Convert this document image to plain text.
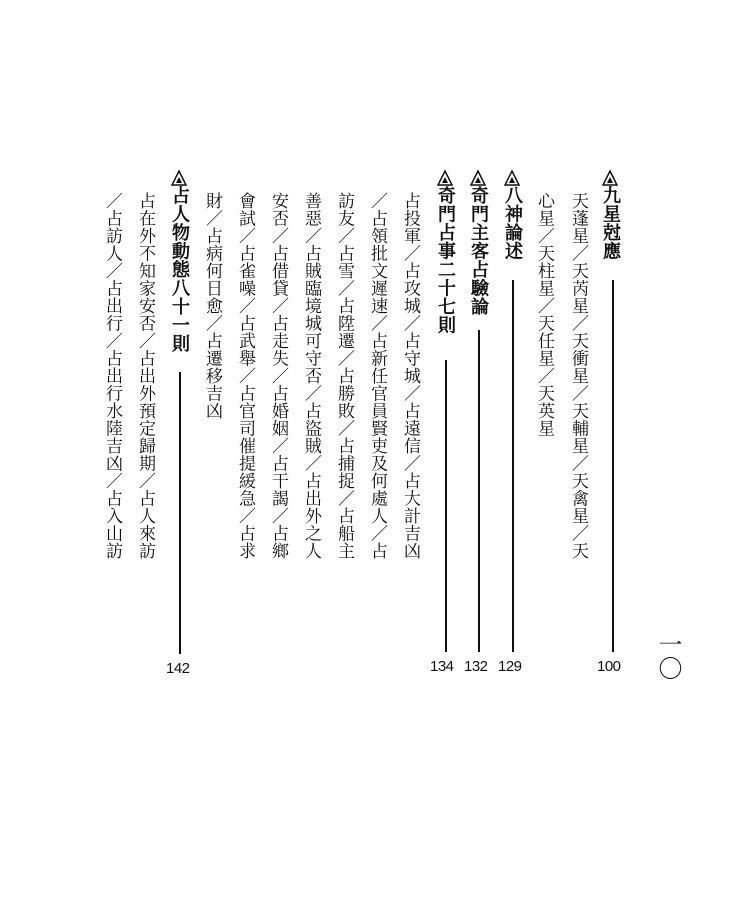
一〇
九星尅應
100
天蓬星／天芮星／天衝星／天輔星／天禽星／天
心星／天柱星／天任星／天英星
八神論述
129
奇門主客占驗論
132
奇門占事二十七則
134
占投軍／占攻城／占守城／占遠信／占大計吉凶
／占領批文遲速／占新任官員賢吏及何處人／占
訪友／占雪／占陞遷／占勝敗／占捕捉／占船主
善惡／占賊臨境城可守否／占盜賊／占出外之人
安否／占借貸／占走失／占婚姻／占干謁／占鄉
會試／占雀噪／占武舉／占官司催提緩急／占求
財／占病何日愈／占遷移吉凶
占人物動態八十一則
142
占在外不知家安否／占出外預定歸期／占人來訪
／占訪人／占出行／占出行水陸吉凶／占入山訪
